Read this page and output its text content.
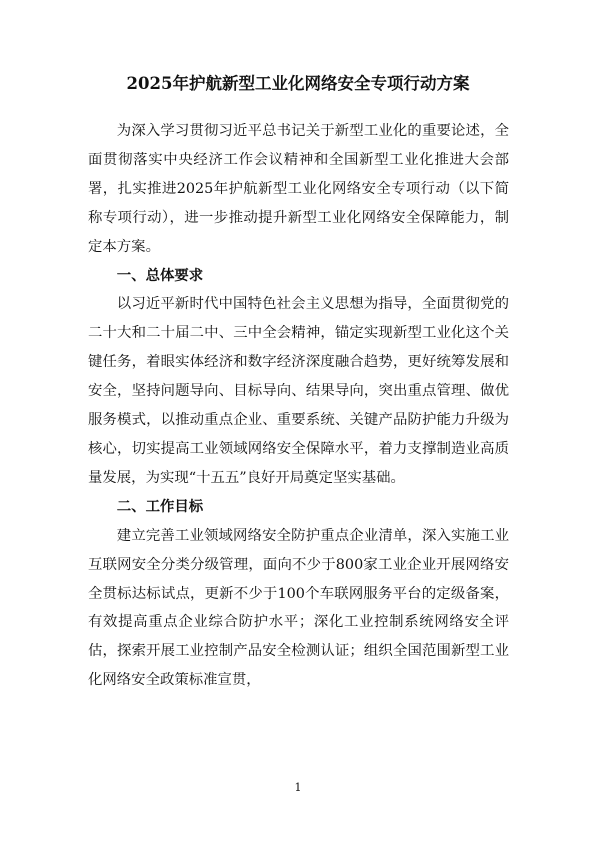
2025年护航新型工业化网络安全专项行动方案

为深入学习贯彻习近平总书记关于新型工业化的重要论述，全面贯彻落实中央经济工作会议精神和全国新型工业化推进大会部署，扎实推进2025年护航新型工业化网络安全专项行动（以下简称专项行动），进一步推动提升新型工业化网络安全保障能力，制定本方案。

一、总体要求

以习近平新时代中国特色社会主义思想为指导，全面贯彻党的二十大和二十届二中、三中全会精神，锚定实现新型工业化这个关键任务，着眼实体经济和数字经济深度融合趋势，更好统筹发展和安全，坚持问题导向、目标导向、结果导向，突出重点管理、做优服务模式，以推动重点企业、重要系统、关键产品防护能力升级为核心，切实提高工业领域网络安全保障水平，着力支撑制造业高质量发展，为实现“十五五”良好开局奠定坚实基础。

二、工作目标

建立完善工业领域网络安全防护重点企业清单，深入实施工业互联网安全分类分级管理，面向不少于800家工业企业开展网络安全贯标达标试点，更新不少于100个车联网服务平台的定级备案，有效提高重点企业综合防护水平；深化工业控制系统网络安全评估，探索开展工业控制产品安全检测认证；组织全国范围新型工业化网络安全政策标准宣贯，

1
